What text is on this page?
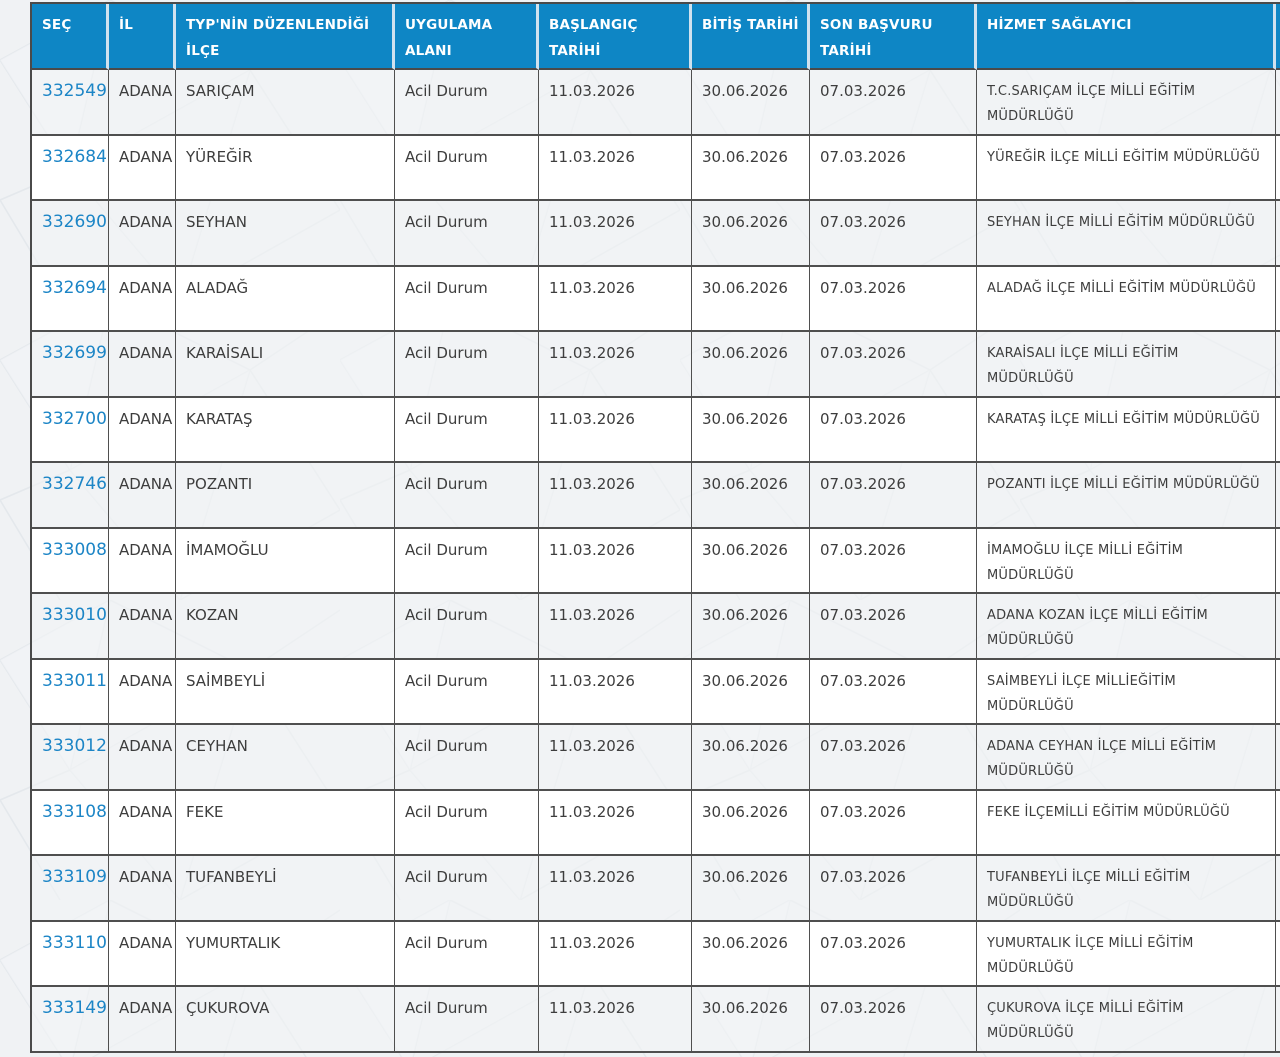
SEÇ	İL	TYP'NİN DÜZENLENDİĞİ İLÇE	UYGULAMA ALANI	BAŞLANGIÇ TARİHİ	BİTİŞ TARİHİ	SON BAŞVURU TARİHİ	HİZMET SAĞLAYICI	
332549	ADANA	SARIÇAM	Acil Durum	11.03.2026	30.06.2026	07.03.2026	T.C.SARIÇAM İLÇE MİLLİ EĞİTİM MÜDÜRLÜĞÜ	
332684	ADANA	YÜREĞİR	Acil Durum	11.03.2026	30.06.2026	07.03.2026	YÜREĞİR İLÇE MİLLİ EĞİTİM MÜDÜRLÜĞÜ	
332690	ADANA	SEYHAN	Acil Durum	11.03.2026	30.06.2026	07.03.2026	SEYHAN İLÇE MİLLİ EĞİTİM MÜDÜRLÜĞÜ	
332694	ADANA	ALADAĞ	Acil Durum	11.03.2026	30.06.2026	07.03.2026	ALADAĞ İLÇE MİLLİ EĞİTİM MÜDÜRLÜĞÜ	
332699	ADANA	KARAİSALI	Acil Durum	11.03.2026	30.06.2026	07.03.2026	KARAİSALI İLÇE MİLLİ EĞİTİM MÜDÜRLÜĞÜ	
332700	ADANA	KARATAŞ	Acil Durum	11.03.2026	30.06.2026	07.03.2026	KARATAŞ İLÇE MİLLİ EĞİTİM MÜDÜRLÜĞÜ	
332746	ADANA	POZANTI	Acil Durum	11.03.2026	30.06.2026	07.03.2026	POZANTI İLÇE MİLLİ EĞİTİM MÜDÜRLÜĞÜ	
333008	ADANA	İMAMOĞLU	Acil Durum	11.03.2026	30.06.2026	07.03.2026	İMAMOĞLU İLÇE MİLLİ EĞİTİM MÜDÜRLÜĞÜ	
333010	ADANA	KOZAN	Acil Durum	11.03.2026	30.06.2026	07.03.2026	ADANA KOZAN İLÇE MİLLİ EĞİTİM MÜDÜRLÜĞÜ	
333011	ADANA	SAİMBEYLİ	Acil Durum	11.03.2026	30.06.2026	07.03.2026	SAİMBEYLİ İLÇE MİLLİEĞİTİM MÜDÜRLÜĞÜ	
333012	ADANA	CEYHAN	Acil Durum	11.03.2026	30.06.2026	07.03.2026	ADANA CEYHAN İLÇE MİLLİ EĞİTİM MÜDÜRLÜĞÜ	
333108	ADANA	FEKE	Acil Durum	11.03.2026	30.06.2026	07.03.2026	FEKE İLÇEMİLLİ EĞİTİM MÜDÜRLÜĞÜ	
333109	ADANA	TUFANBEYLİ	Acil Durum	11.03.2026	30.06.2026	07.03.2026	TUFANBEYLİ İLÇE MİLLİ EĞİTİM MÜDÜRLÜĞÜ	
333110	ADANA	YUMURTALIK	Acil Durum	11.03.2026	30.06.2026	07.03.2026	YUMURTALIK İLÇE MİLLİ EĞİTİM MÜDÜRLÜĞÜ	
333149	ADANA	ÇUKUROVA	Acil Durum	11.03.2026	30.06.2026	07.03.2026	ÇUKUROVA İLÇE MİLLİ EĞİTİM MÜDÜRLÜĞÜ	
